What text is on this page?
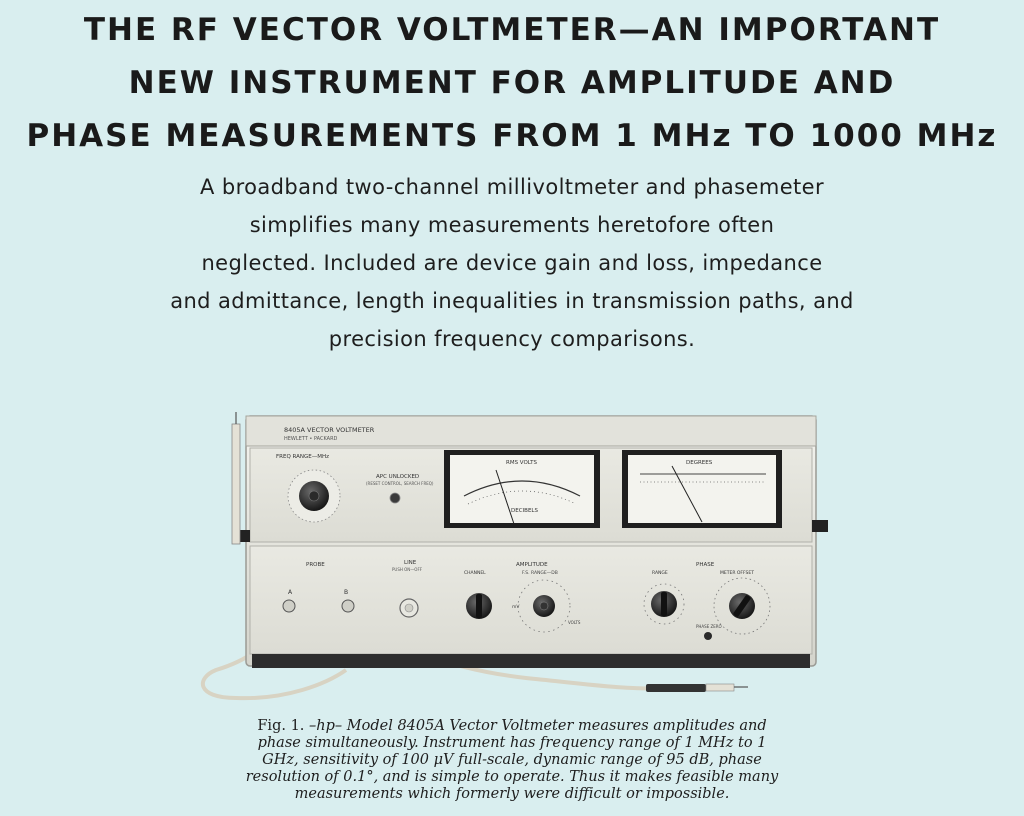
THE RF VECTOR VOLTMETER—AN IMPORTANT
NEW INSTRUMENT FOR AMPLITUDE AND
PHASE MEASUREMENTS FROM 1 MHz TO 1000 MHz
A broadband two-channel millivoltmeter and phasemeter
simplifies many measurements heretofore often
neglected. Included are device gain and loss, impedance
and admittance, length inequalities in transmission paths, and
precision frequency comparisons.
8405A VECTOR VOLTMETER
HEWLETT • PACKARD
FREQ RANGE—MHz
APC UNLOCKED
(RESET CONTROL, SEARCH FREQ)
RMS VOLTS
DECIBELS
DEGREES
PROBE
A	B
LINE
PUSH ON—OFF
CHANNEL
AMPLITUDE
F.S. RANGE—DB
mV
VOLTS
PHASE
RANGE	METER OFFSET
PHASE ZERO
Fig. 1. –hp– Model 8405A Vector Voltmeter measures amplitudes and
phase simultaneously. Instrument has frequency range of 1 MHz to 1
GHz, sensitivity of 100 μV full-scale, dynamic range of 95 dB, phase
resolution of 0.1°, and is simple to operate. Thus it makes feasible many
measurements which formerly were difficult or impossible.
